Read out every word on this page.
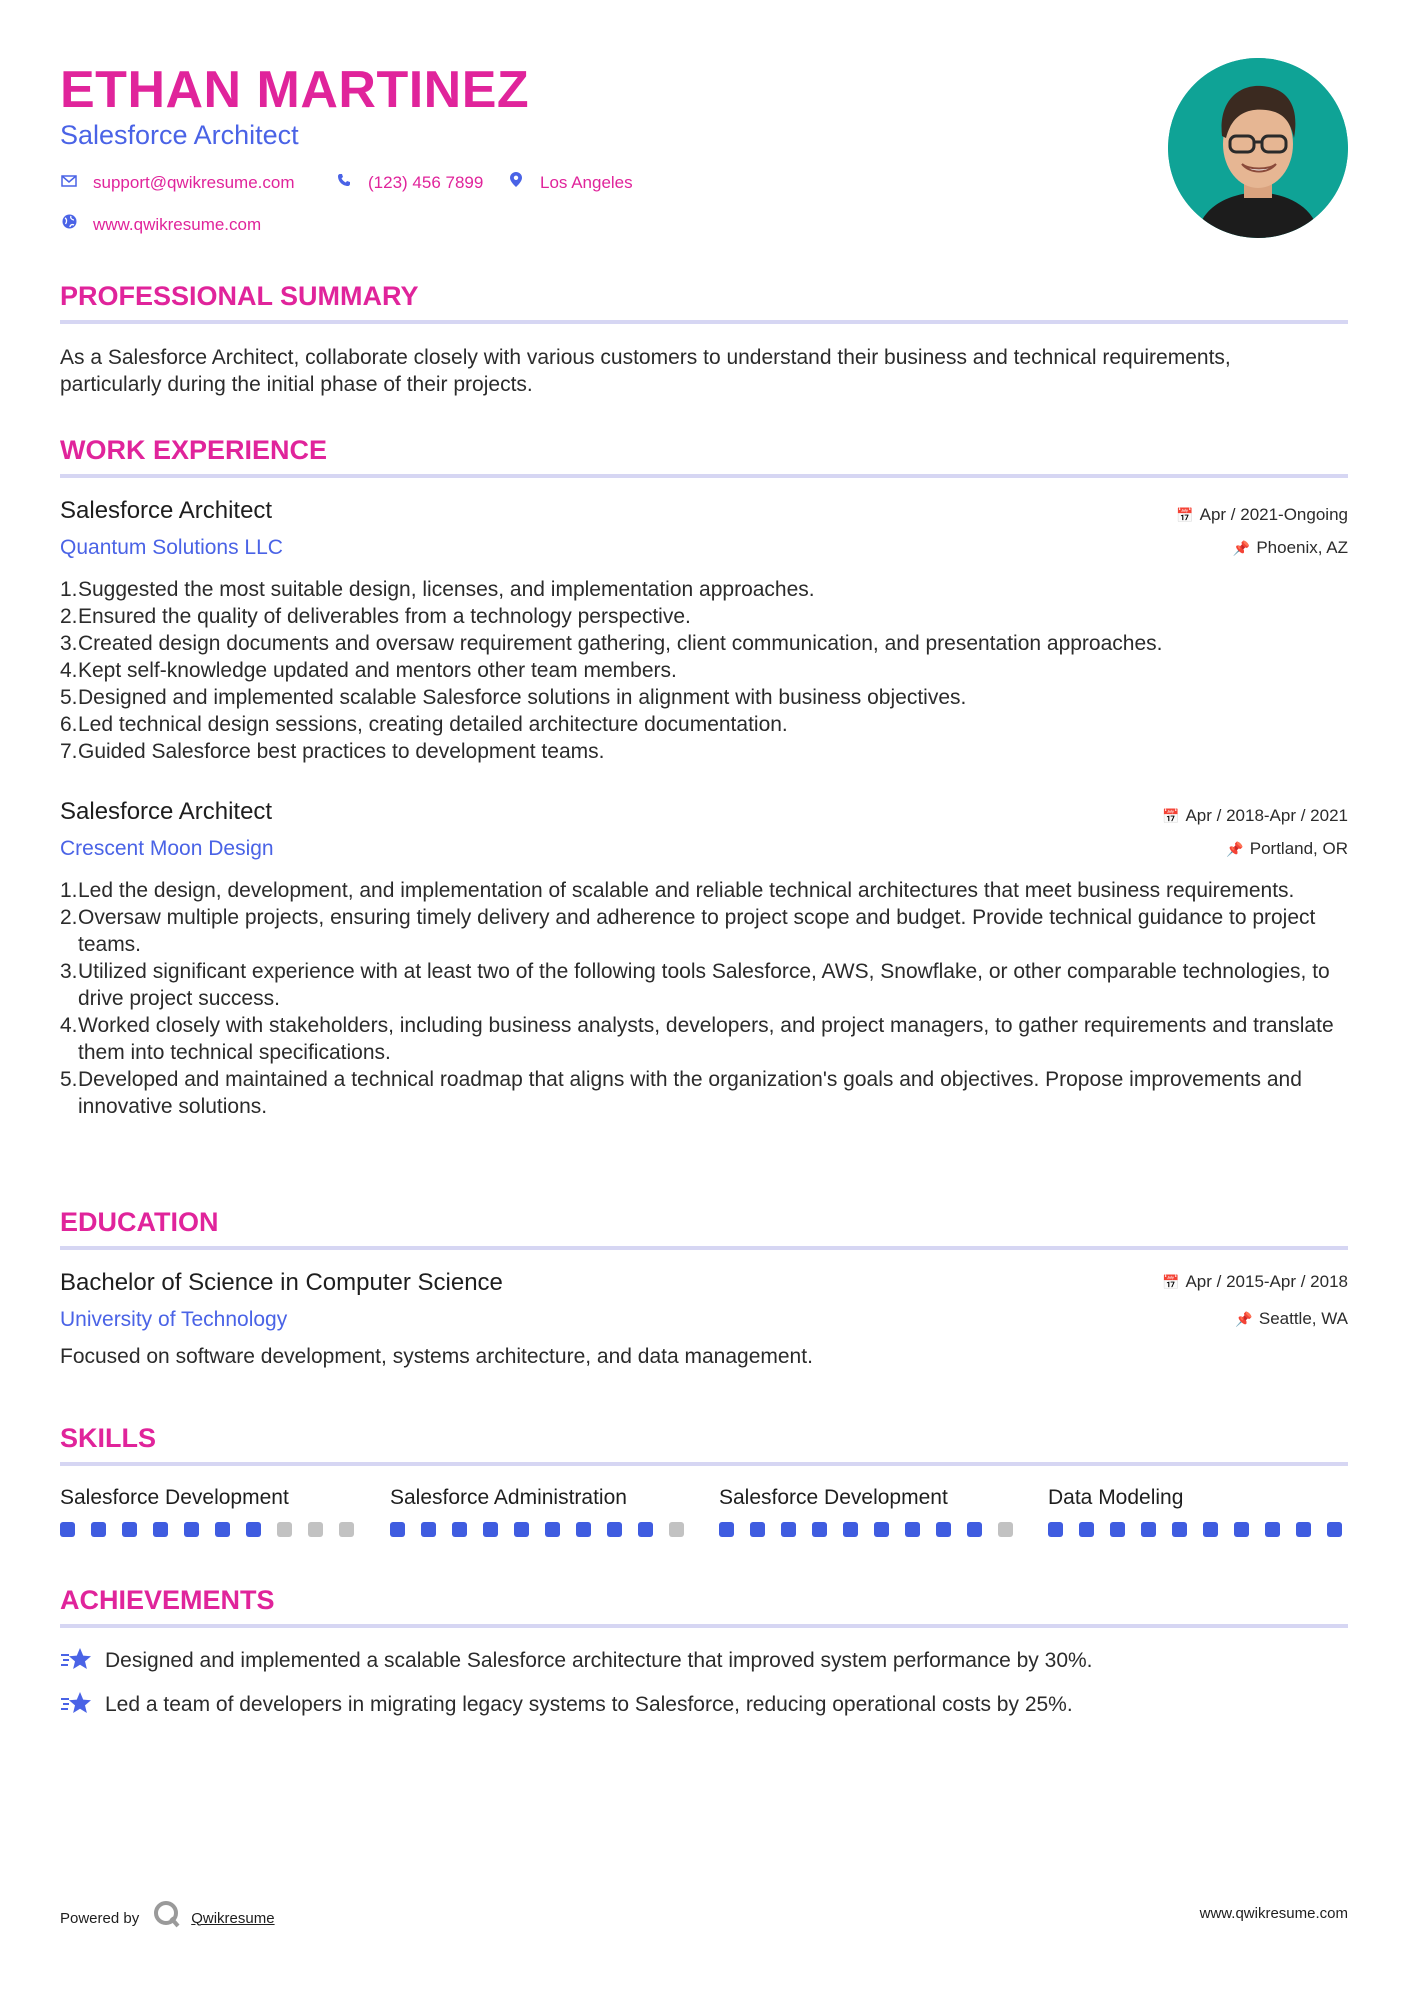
ETHAN MARTINEZ
Salesforce Architect
support@qwikresume.com	(123) 456 7899	Los Angeles
www.qwikresume.com
PROFESSIONAL SUMMARY
As a Salesforce Architect, collaborate closely with various customers to understand their business and technical requirements, particularly during the initial phase of their projects.
WORK EXPERIENCE
Salesforce Architect
Quantum Solutions LLC
📅 Apr / 2021-Ongoing
📌 Phoenix, AZ
1. Suggested the most suitable design, licenses, and implementation approaches.
2. Ensured the quality of deliverables from a technology perspective.
3. Created design documents and oversaw requirement gathering, client communication, and presentation approaches.
4. Kept self-knowledge updated and mentors other team members.
5. Designed and implemented scalable Salesforce solutions in alignment with business objectives.
6. Led technical design sessions, creating detailed architecture documentation.
7. Guided Salesforce best practices to development teams.
Salesforce Architect
Crescent Moon Design
📅 Apr / 2018-Apr / 2021
📌 Portland, OR
1. Led the design, development, and implementation of scalable and reliable technical architectures that meet business requirements.
2. Oversaw multiple projects, ensuring timely delivery and adherence to project scope and budget. Provide technical guidance to project teams.
3. Utilized significant experience with at least two of the following tools Salesforce, AWS, Snowflake, or other comparable technologies, to drive project success.
4. Worked closely with stakeholders, including business analysts, developers, and project managers, to gather requirements and translate them into technical specifications.
5. Developed and maintained a technical roadmap that aligns with the organization's goals and objectives. Propose improvements and innovative solutions.
EDUCATION
Bachelor of Science in Computer Science
University of Technology
📅 Apr / 2015-Apr / 2018
📌 Seattle, WA
Focused on software development, systems architecture, and data management.
SKILLS
Salesforce Development	Salesforce Administration	Salesforce Development	Data Modeling
ACHIEVEMENTS
Designed and implemented a scalable Salesforce architecture that improved system performance by 30%.
Led a team of developers in migrating legacy systems to Salesforce, reducing operational costs by 25%.
Powered by	Qwikresume	www.qwikresume.com
